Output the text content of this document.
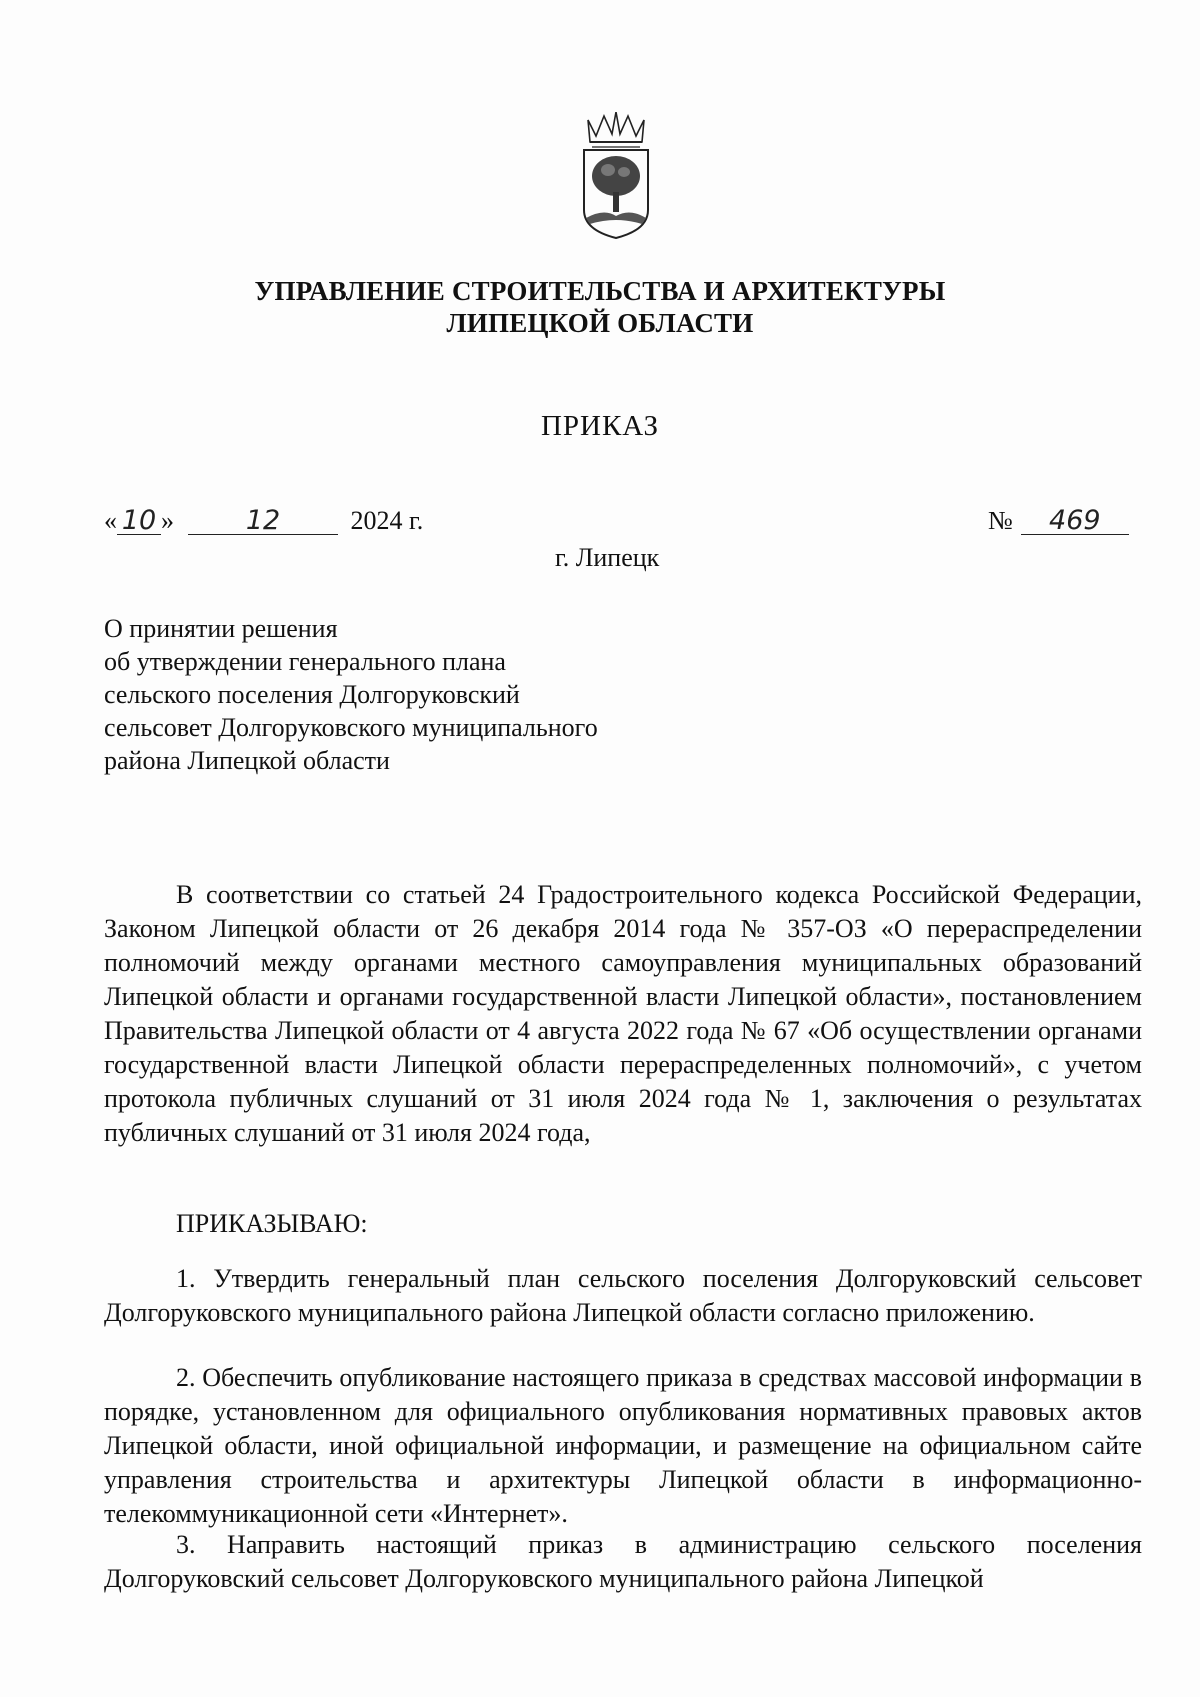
УПРАВЛЕНИЕ СТРОИТЕЛЬСТВА И АРХИТЕКТУРЫ
ЛИПЕЦКОЙ ОБЛАСТИ
ПРИКАЗ
« 10 »	12	2024 г.	№ 469
г. Липецк
О принятии решения
об утверждении генерального плана
сельского поселения Долгоруковский
сельсовет Долгоруковского муниципального
района Липецкой области
В соответствии со статьей 24 Градостроительного кодекса Российской Федерации, Законом Липецкой области от 26 декабря 2014 года № 357-ОЗ «О перераспределении полномочий между органами местного самоуправления муниципальных образований Липецкой области и органами государственной власти Липецкой области», постановлением Правительства Липецкой области от 4 августа 2022 года № 67 «Об осуществлении органами государственной власти Липецкой области перераспределенных полномочий», с учетом протокола публичных слушаний от 31 июля 2024 года № 1, заключения о результатах публичных слушаний от 31 июля 2024 года,
ПРИКАЗЫВАЮ:
1. Утвердить генеральный план сельского поселения Долгоруковский сельсовет Долгоруковского муниципального района Липецкой области согласно приложению.
2. Обеспечить опубликование настоящего приказа в средствах массовой информации в порядке, установленном для официального опубликования нормативных правовых актов Липецкой области, иной официальной информации, и размещение на официальном сайте управления строительства и архитектуры Липецкой области в информационно-телекоммуникационной сети «Интернет».
3. Направить настоящий приказ в администрацию сельского поселения Долгоруковский сельсовет Долгоруковского муниципального района Липецкой
